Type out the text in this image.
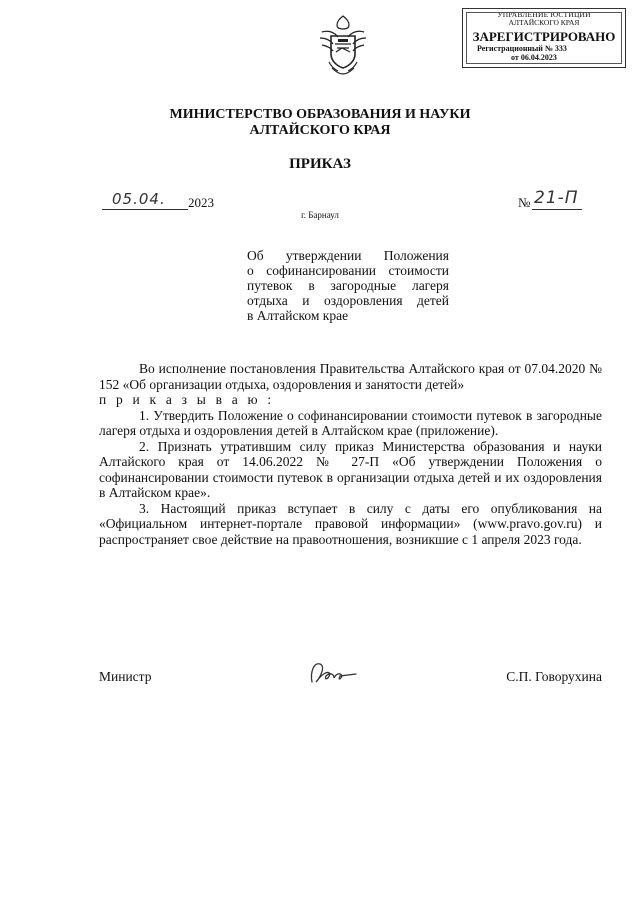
УПРАВЛЕНИЕ ЮСТИЦИИ
АЛТАЙСКОГО КРАЯ
ЗАРЕГИСТРИРОВАНО
Регистрационный № 333
от 06.04.2023
МИНИСТЕРСТВО ОБРАЗОВАНИЯ И НАУКИ
АЛТАЙСКОГО КРАЯ
ПРИКАЗ
05.04. 2023	№ 21-П
г. Барнаул
Об утверждении Положения
о софинансировании стоимости
путевок в загородные лагеря
отдыха и оздоровления детей
в Алтайском крае

Во исполнение постановления Правительства Алтайского края от 07.04.2020 № 152 «Об организации отдыха, оздоровления и занятости детей»

п р и к а з ы в а ю :

1. Утвердить Положение о софинансировании стоимости путевок в загородные лагеря отдыха и оздоровления детей в Алтайском крае (приложение).

2. Признать утратившим силу приказ Министерства образования и науки Алтайского края от 14.06.2022 № 27-П «Об утверждении Положения о софинансировании стоимости путевок в организации отдыха детей и их оздоровления в Алтайском крае».

3. Настоящий приказ вступает в силу с даты его опубликования на «Официальном интернет-портале правовой информации» (www.pravo.gov.ru) и распространяет свое действие на правоотношения, возникшие с 1 апреля 2023 года.

Министр	С.П. Говорухина
